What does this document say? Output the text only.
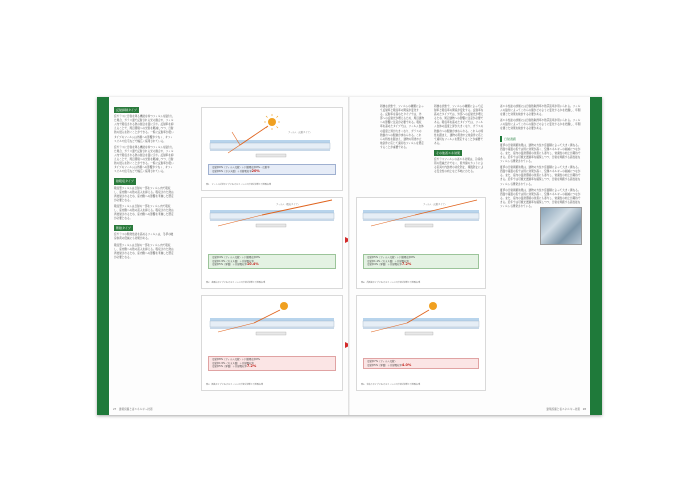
反射抑制タイプ

窓ガラスに日射を遮る機能を持つフィルムを貼付した場合、ガラス面で反射される光の割合や、フィルム内で吸収される熱の割合を図に示す。反射率を抑えることで、周辺環境への光害を軽減しつつ、日射熱の侵入を防ぐことができる。一般に反射率が低いタイプのフィルムは外観への影響が少なく、オフィスビルや住宅などで幅広く採用されている。

窓ガラスに日射を遮る機能を持つフィルムを貼付した場合、ガラス面で反射される光の割合や、フィルム内で吸収される熱の割合を図に示す。反射率を抑えることで、周辺環境への光害を軽減しつつ、日射熱の侵入を防ぐことができる。一般に反射率が低いタイプのフィルムは外観への影響が少なく、オフィスビルや住宅などで幅広く採用されている。

熱吸収タイプ

吸収型フィルムは日射の一部をフィルム内で吸収し、室内側への熱の流入を抑える。吸収された熱は再放射されるため、室内側への影響を考慮した選定が必要となる。

吸収型フィルムは日射の一部をフィルム内で吸収し、室内側への熱の流入を抑える。吸収された熱は再放射されるため、室内側への影響を考慮した選定が必要となる。

断熱タイプ

窓ガラスの断熱性能を高めるフィルムは、冬季の暖房負荷の低減にも効果がある。

吸収型フィルムは日射の一部をフィルム内で吸収し、室内側への熱の流入を抑える。吸収された熱は再放射されるため、室内側への影響を考慮した選定が必要となる。

フィルム（反射タイプ）
反射率0%（フィルム反射）＋日射吸収率0%－反射率
反射率6%（ガラス面）＋日射吸収率20%
図1　フィルム反射タイプにおけるフィルムの日射反射率と日射吸収率
フィルム（吸収タイプ）
反射率4%（フィルム反射）＋日射吸収率0%
反射率1.5%（ガラス面）＋日射吸収率
反射率5%（界面）＋日射吸収率10.4%
図2　熱吸収タイプにおけるフィルムの日射反射率と日射吸収率
反射率8%（フィルム反射）＋日射吸収率0%
反射率1.5%（ガラス面）＋日射吸収率
反射率5%（界面）＋日射吸収率7.2%
図3　断熱タイプにおけるフィルムの日射反射率と日射吸収率
27　建築設備と省エネルギー技術
フィルム（反射タイプ）
反射率5%（フィルム反射）＋日射吸収率0%
反射率1.1%（ガラス面）＋日射吸収率
反射率4%（界面）＋日射吸収率7.2%
図4　高断熱タイプにおけるフィルムの日射反射率と日射吸収率
反射率7%（フィルム反射）
反射率5%（界面）＋日射吸収率4.0%
図5　外貼りタイプにおけるフィルムの日射反射率と日射吸収率

同様な状態で、フィルムの種類によって反射率と吸収率の関係が変化する。反射率を高めたタイプでは、外部への反射光が増えるため、周辺建物への影響に注意が必要である。吸収率を高めたタイプでは、フィルム自体の温度上昇が大きくなり、ガラスの熱割れへの配慮が求められる。これらの特性を踏まえ、建物の用途や立地条件に応じて適切なフィルムを選定することが重要である。

同様な状態で、フィルムの種類によって反射率と吸収率の関係が変化する。反射率を高めたタイプでは、外部への反射光が増えるため、周辺建物への影響に注意が必要である。吸収率を高めたタイプでは、フィルム自体の温度上昇が大きくなり、ガラスの熱割れへの配慮が求められる。これらの特性を踏まえ、建物の用途や立地条件に応じて適切なフィルムを選定することが重要である。

その他省エネ効果

窓ガラスフィルムの省エネ効果は、冷房負荷の低減だけでなく、紫外線のカットによる家具や内装材の劣化防止、飛散防止による安全性の向上など多岐にわたる。

省エネ性能の評価には日射熱取得率や熱貫流率が用いられる。フィルムの貼付によってこれらの値がどのように変化するかを把握し、年間を通じた効果を検討する必要がある。

省エネ性能の評価には日射熱取得率や熱貫流率が用いられる。フィルムの貼付によってこれらの値がどのように変化するかを把握し、年間を通じた効果を検討する必要がある。

日射遮蔽

夏季の日射遮蔽効果は、建物の方位や窓面積によって大きく異なる。西面や南面の窓では特に効果が高く、空調エネルギーの削減につながる。また、室内の温熱環境の改善にも寄与し、快適性の向上が期待できる。近年では可視光透過率を確保しつつ、日射を遮蔽する高性能なフィルムも開発されている。

夏季の日射遮蔽効果は、建物の方位や窓面積によって大きく異なる。西面や南面の窓では特に効果が高く、空調エネルギーの削減につながる。また、室内の温熱環境の改善にも寄与し、快適性の向上が期待できる。近年では可視光透過率を確保しつつ、日射を遮蔽する高性能なフィルムも開発されている。

夏季の日射遮蔽効果は、建物の方位や窓面積によって大きく異なる。西面や南面の窓では特に効果が高く、空調エネルギーの削減につながる。また、室内の温熱環境の改善にも寄与し、快適性の向上が期待できる。近年では可視光透過率を確保しつつ、日射を遮蔽する高性能なフィルムも開発されている。

建築設備と省エネルギー技術　28
